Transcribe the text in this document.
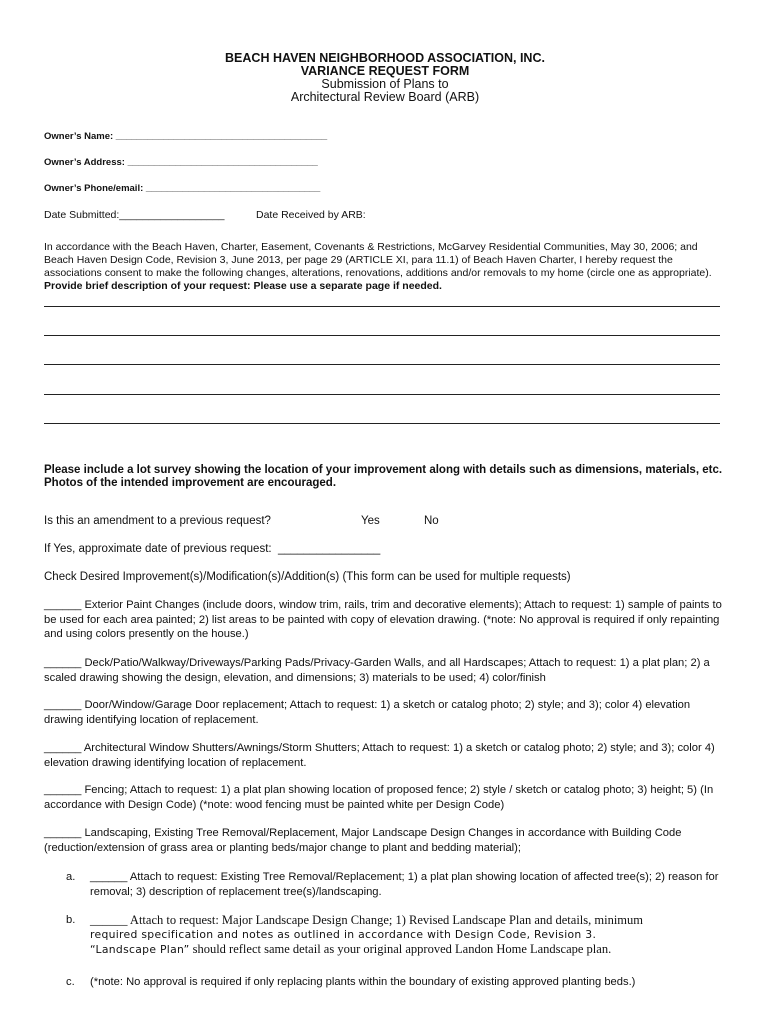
BEACH HAVEN NEIGHBORHOOD ASSOCIATION, INC.
VARIANCE REQUEST FORM
Submission of Plans to
Architectural Review Board (ARB)
Owner’s Name: ________________________________________
Owner’s Address: ____________________________________
Owner’s Phone/email: _________________________________
Date Submitted:__________________	Date Received by ARB:
In accordance with the Beach Haven, Charter, Easement, Covenants & Restrictions, McGarvey Residential Communities, May 30, 2006; and Beach Haven Design Code, Revision 3, June 2013, per page 29 (ARTICLE XI, para 11.1) of Beach Haven Charter, I hereby request the associations consent to make the following changes, alterations, renovations, additions and/or removals to my home (circle one as appropriate). Provide brief description of your request: Please use a separate page if needed.
Please include a lot survey showing the location of your improvement along with details such as dimensions, materials, etc. Photos of the intended improvement are encouraged.
Is this an amendment to a previous request?	Yes	No
If Yes, approximate date of previous request:  ________________
Check Desired Improvement(s)/Modification(s)/Addition(s) (This form can be used for multiple requests)
______ Exterior Paint Changes (include doors, window trim, rails, trim and decorative elements); Attach to request: 1) sample of paints to be used for each area painted; 2) list areas to be painted with copy of elevation drawing. (*note: No approval is required if only repainting and using colors presently on the house.)
______ Deck/Patio/Walkway/Driveways/Parking Pads/Privacy-Garden Walls, and all Hardscapes; Attach to request: 1) a plat plan; 2) a scaled drawing showing the design, elevation, and dimensions; 3) materials to be used; 4) color/finish
______ Door/Window/Garage Door replacement; Attach to request: 1) a sketch or catalog photo; 2) style; and 3); color 4) elevation drawing identifying location of replacement.
______ Architectural Window Shutters/Awnings/Storm Shutters; Attach to request: 1) a sketch or catalog photo; 2) style; and 3); color 4) elevation drawing identifying location of replacement.
______ Fencing; Attach to request: 1) a plat plan showing location of proposed fence; 2) style / sketch or catalog photo; 3) height; 5) (In accordance with Design Code) (*note: wood fencing must be painted white per Design Code)
______ Landscaping, Existing Tree Removal/Replacement, Major Landscape Design Changes in accordance with Building Code (reduction/extension of grass area or planting beds/major change to plant and bedding material);
a. ______ Attach to request: Existing Tree Removal/Replacement; 1) a plat plan showing location of affected tree(s); 2) reason for removal; 3) description of replacement tree(s)/landscaping.
b. ______ Attach to request: Major Landscape Design Change; 1) Revised Landscape Plan and details, minimum
required specification and notes as outlined in accordance with Design Code, Revision 3.
“Landscape Plan” should reflect same detail as your original approved Landon Home Landscape plan.
c. (*note: No approval is required if only replacing plants within the boundary of existing approved planting beds.)
